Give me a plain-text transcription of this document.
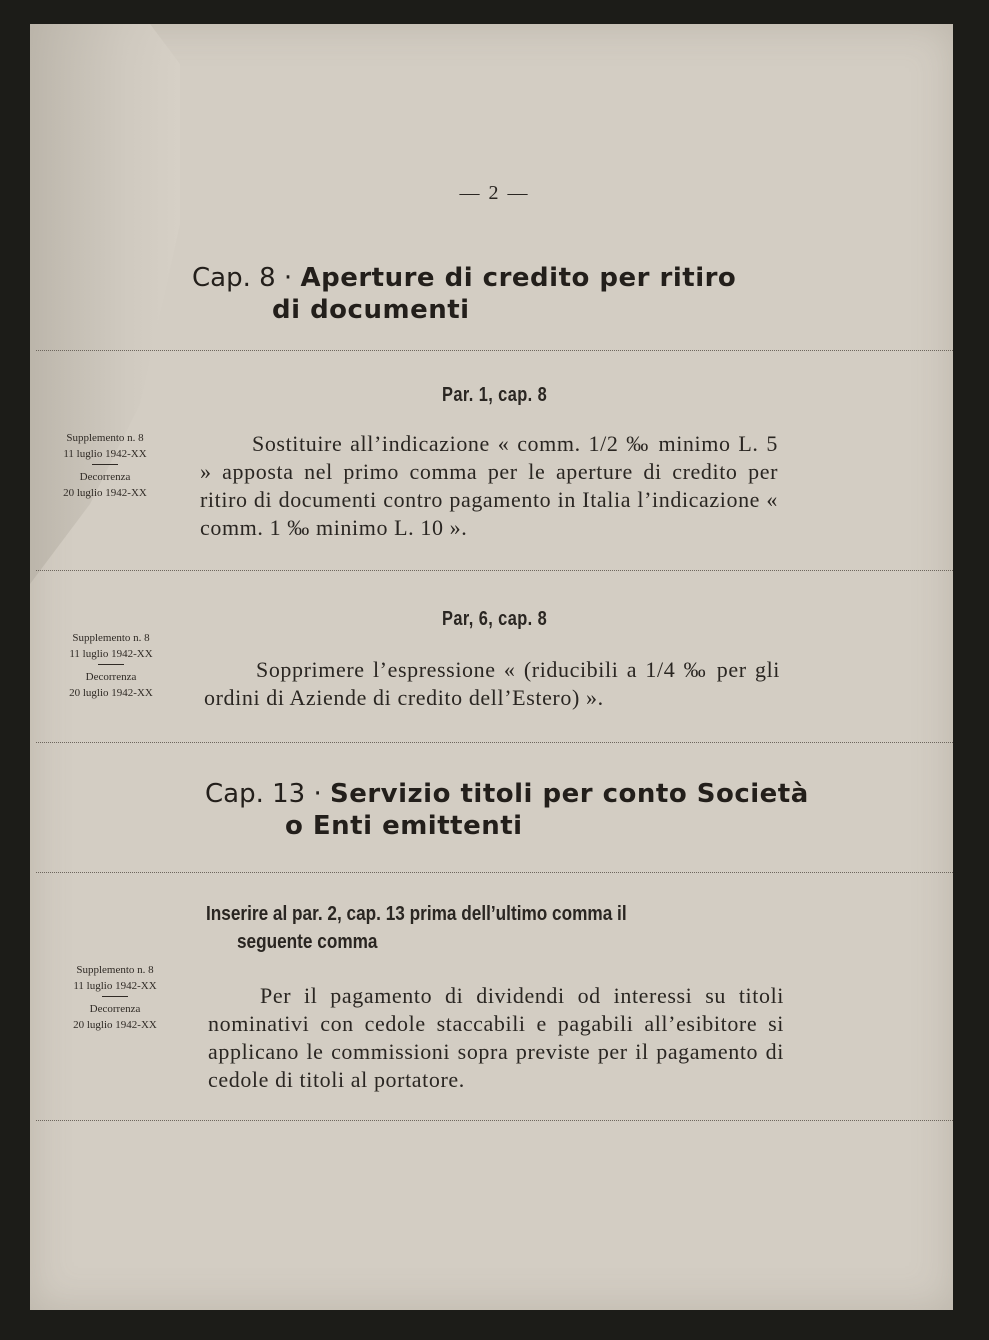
— 2 —
Cap. 8 · Aperture di credito per ritiro
di documenti
Par. 1, cap. 8
Supplemento n. 8
11 luglio 1942-XX
Decorrenza
20 luglio 1942-XX

Sostituire all’indicazione « comm. 1/2 ‰ minimo L. 5 » apposta nel primo comma per le aperture di credito per ritiro di documenti contro pagamento in Italia l’indicazione « comm. 1 ‰ minimo L. 10 ».

Par, 6, cap. 8
Supplemento n. 8
11 luglio 1942-XX
Decorrenza
20 luglio 1942-XX

Sopprimere l’espressione « (riducibili a 1/4 ‰ per gli ordini di Aziende di credito dell’Estero) ».

Cap. 13 · Servizio titoli per conto Società
o Enti emittenti
Inserire al par. 2, cap. 13 prima dell’ultimo comma il
seguente comma
Supplemento n. 8
11 luglio 1942-XX
Decorrenza
20 luglio 1942-XX

Per il pagamento di dividendi od interessi su titoli nominativi con cedole staccabili e pagabili all’esibitore si applicano le commissioni sopra previste per il pagamento di cedole di titoli al portatore.
